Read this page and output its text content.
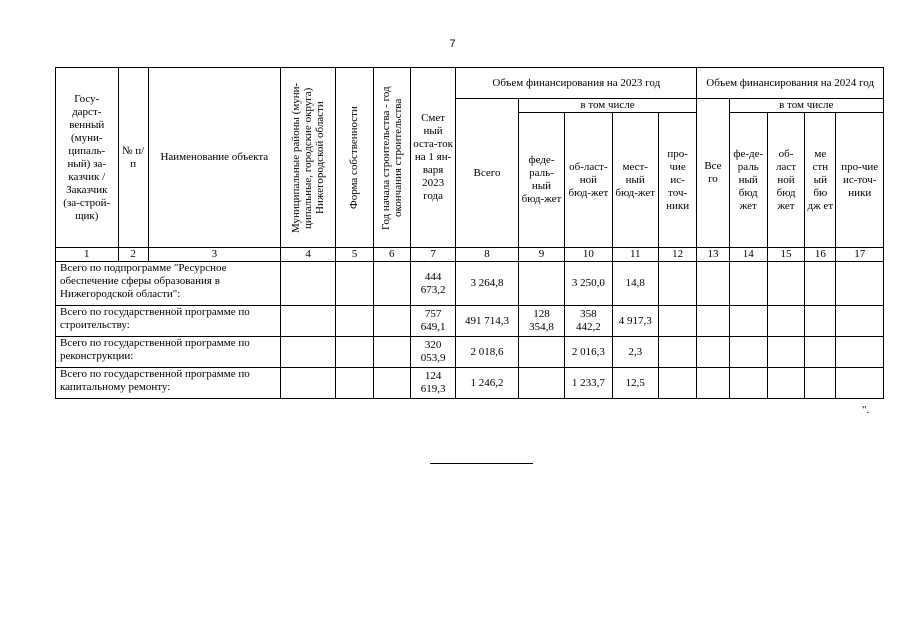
7
Госу-дарст-венный (муни-ципаль-ный) за-казчик / Заказчик (за-строй-щик)	№ п/п	Наименование объекта	Муниципальные районы (муни-ципальные, городские округа) Нижегородской области	Форма собственности	Год начала строительства - год окончания строительства	Смет ный оста-ток на 1 ян-варя 2023 года	Объем финансирования на 2023 год					Объем финансирования на 2024 год				
							Всего	в том числе				Все го	в том числе			
								феде-раль-ный бюд-жет	об-ласт-ной бюд-жет	мест-ный бюд-жет	про-чие ис-точ-ники		фе-де-раль ный бюд жет	об-ласт ной бюд жет	ме стн ый бю дж ет	про-чие ис-точ-ники
1	2	3	4	5	6	7	8	9	10	11	12	13	14	15	16	17
Всего по подпрограмме "Ресурсное обеспечение сферы образования в Нижегородской области":						444 673,2	3 264,8		3 250,0	14,8						
Всего по государственной программе по строительству:						757 649,1	491 714,3	128 354,8	358 442,2	4 917,3						
Всего по государственной программе по реконструкции:						320 053,9	2 018,6		2 016,3	2,3						
Всего по государственной программе по капитальному ремонту:						124 619,3	1 246,2		1 233,7	12,5						
".
